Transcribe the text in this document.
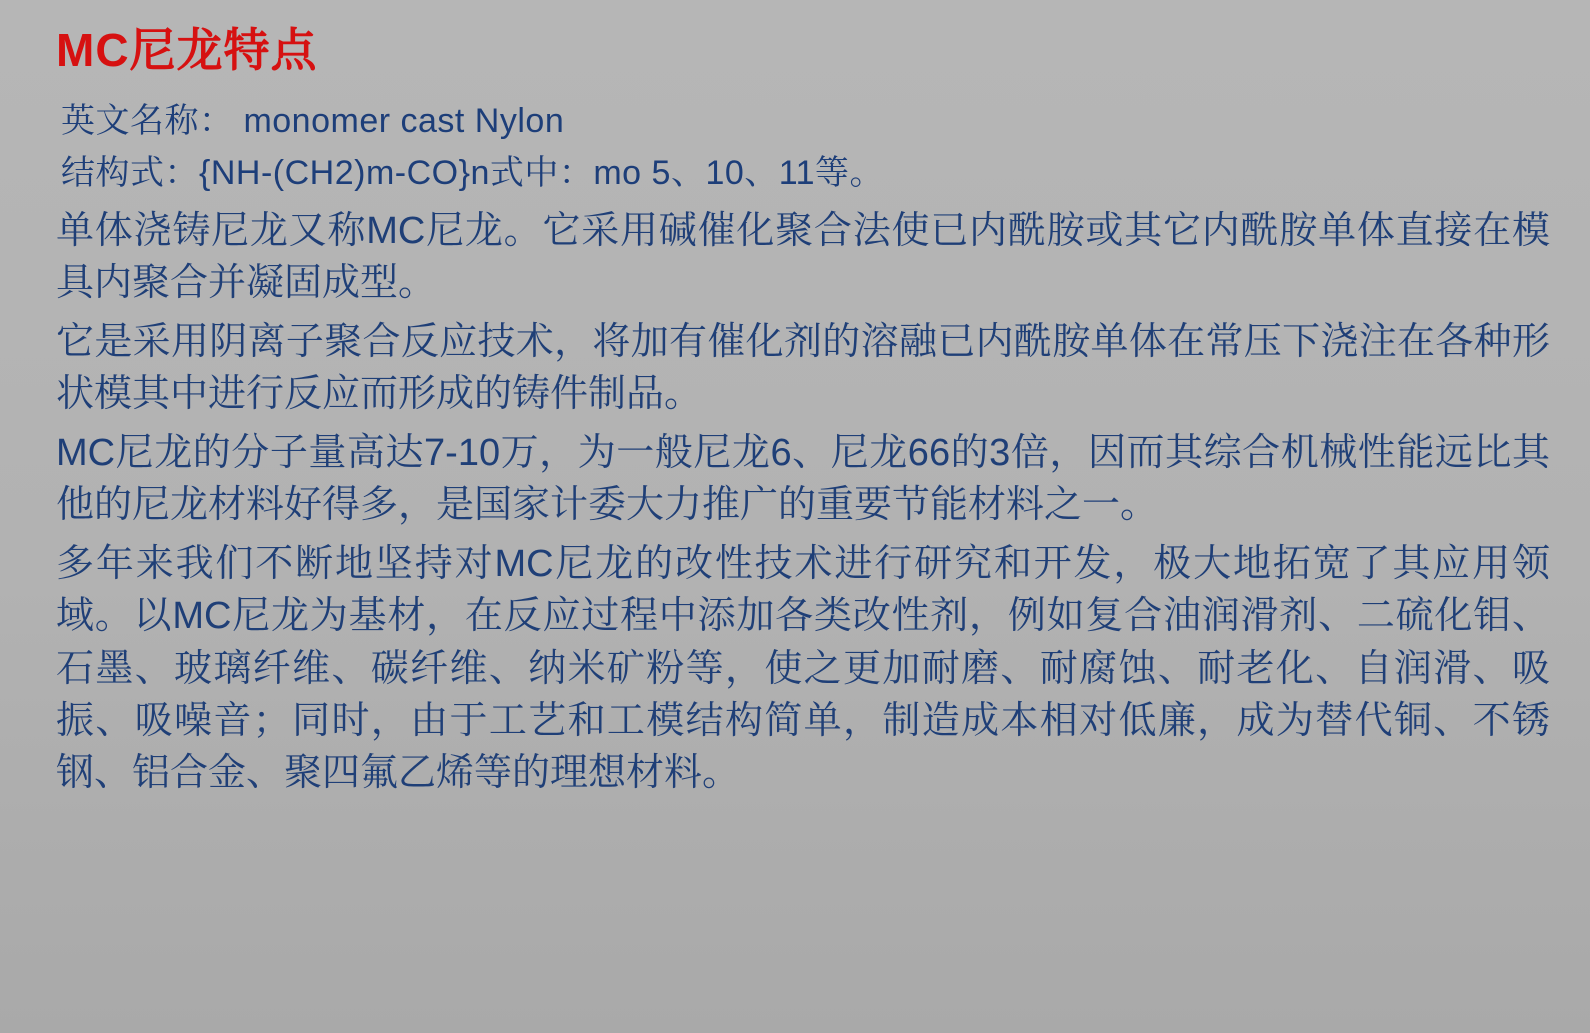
MC尼龙特点
英文名称： monomer cast Nylon
结构式：{NH-(CH2)m-CO}n式中：mo 5、10、11等。
单体浇铸尼龙又称MC尼龙。它采用碱催化聚合法使已内酰胺或其它内酰胺单体直接在模具内聚合并凝固成型。
它是采用阴离子聚合反应技术，将加有催化剂的溶融已内酰胺单体在常压下浇注在各种形状模其中进行反应而形成的铸件制品。
MC尼龙的分子量高达7-10万，为一般尼龙6、尼龙66的3倍，因而其综合机械性能远比其他的尼龙材料好得多，是国家计委大力推广的重要节能材料之一。
多年来我们不断地坚持对MC尼龙的改性技术进行研究和开发，极大地拓宽了其应用领域。以MC尼龙为基材，在反应过程中添加各类改性剂，例如复合油润滑剂、二硫化钼、石墨、玻璃纤维、碳纤维、纳米矿粉等，使之更加耐磨、耐腐蚀、耐老化、自润滑、吸振、吸噪音；同时，由于工艺和工模结构简单，制造成本相对低廉，成为替代铜、不锈钢、铝合金、聚四氟乙烯等的理想材料。
